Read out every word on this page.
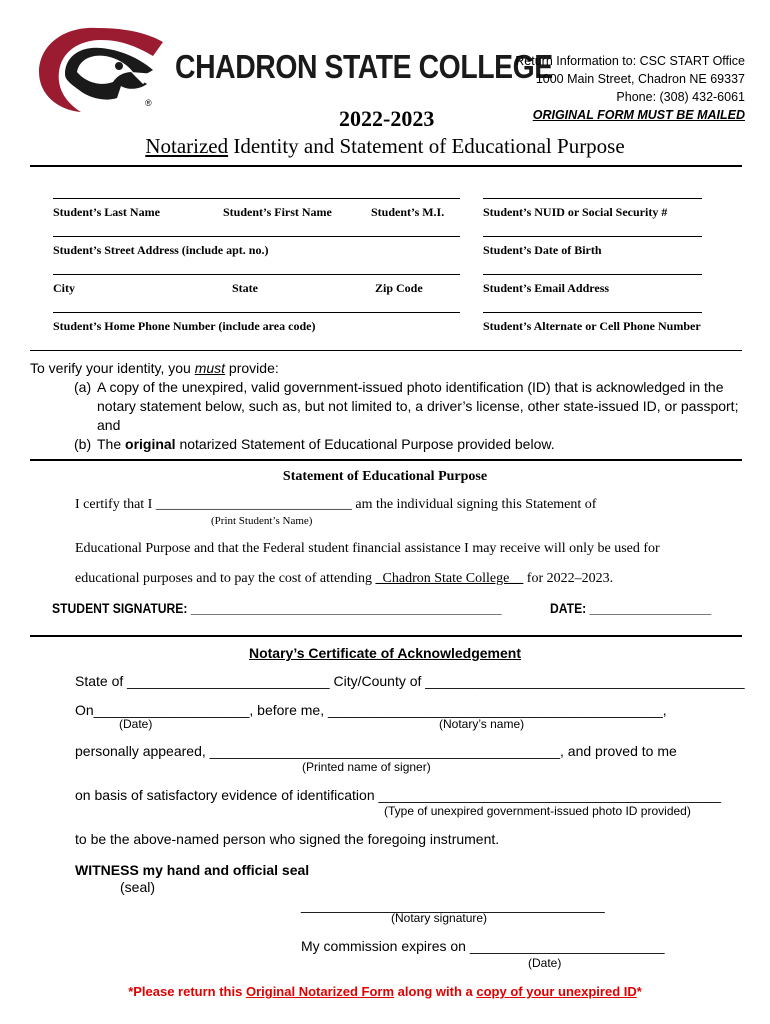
®
CHADRON STATE COLLEGE
Return Information to: CSC START Office
1000 Main Street, Chadron NE 69337
Phone: (308) 432-6061
ORIGINAL FORM MUST BE MAILED
2022-2023
Notarized Identity and Statement of Educational Purpose
Student’s Last Name	Student’s First Name	Student’s M.I.	Student’s NUID or Social Security #
Student’s Street Address (include apt. no.)	Student’s Date of Birth
City	State	Zip Code	Student’s Email Address
Student’s Home Phone Number (include area code)	Student’s Alternate or Cell Phone Number
To verify your identity, you must provide:
(a) A copy of the unexpired, valid government-issued photo identification (ID) that is acknowledged in the notary statement below, such as, but not limited to, a driver’s license, other state-issued ID, or passport; and
(b) The original notarized Statement of Educational Purpose provided below.
Statement of Educational Purpose
I certify that I ____________________________ am the individual signing this Statement of
(Print Student’s Name)
Educational Purpose and that the Federal student financial assistance I may receive will only be used for
educational purposes and to pay the cost of attending _Chadron State College__ for 2022–2023.
STUDENT SIGNATURE: ______________________________________________	DATE: __________________
Notary’s Certificate of Acknowledgement
State of __________________________ City/County of _________________________________________
On____________________, before me, ___________________________________________,
(Date)	(Notary’s name)
personally appeared, _____________________________________________, and proved to me
(Printed name of signer)
on basis of satisfactory evidence of identification ____________________________________________
(Type of unexpired government-issued photo ID provided)
to be the above-named person who signed the foregoing instrument.
WITNESS my hand and official seal
(seal)
_______________________________________
(Notary signature)
My commission expires on _________________________
(Date)
*Please return this Original Notarized Form along with a copy of your unexpired ID*
